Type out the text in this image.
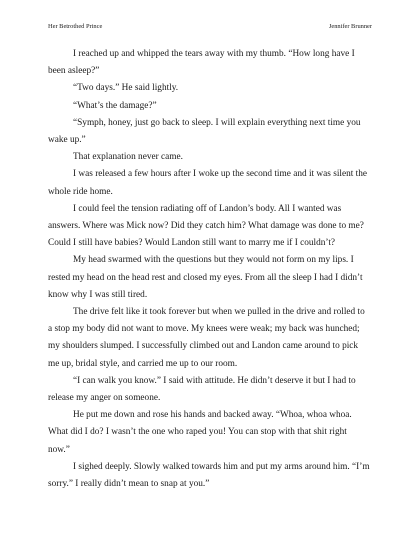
Her Betrothed Prince	Jennifer Brunner

I reached up and whipped the tears away with my thumb. “How long have I been asleep?”

“Two days.” He said lightly.

“What’s the damage?”

“Symph, honey, just go back to sleep. I will explain everything next time you wake up.”

That explanation never came.

I was released a few hours after I woke up the second time and it was silent the whole ride home.

I could feel the tension radiating off of Landon’s body. All I wanted was answers. Where was Mick now? Did they catch him? What damage was done to me? Could I still have babies? Would Landon still want to marry me if I couldn’t?

My head swarmed with the questions but they would not form on my lips. I rested my head on the head rest and closed my eyes. From all the sleep I had I didn’t know why I was still tired.

The drive felt like it took forever but when we pulled in the drive and rolled to a stop my body did not want to move. My knees were weak; my back was hunched; my shoulders slumped. I successfully climbed out and Landon came around to pick me up, bridal style, and carried me up to our room.

“I can walk you know.” I said with attitude. He didn’t deserve it but I had to release my anger on someone.

He put me down and rose his hands and backed away. “Whoa, whoa whoa. What did I do? I wasn’t the one who raped you! You can stop with that shit right now.”

I sighed deeply. Slowly walked towards him and put my arms around him. “I’m sorry.” I really didn’t mean to snap at you.”
